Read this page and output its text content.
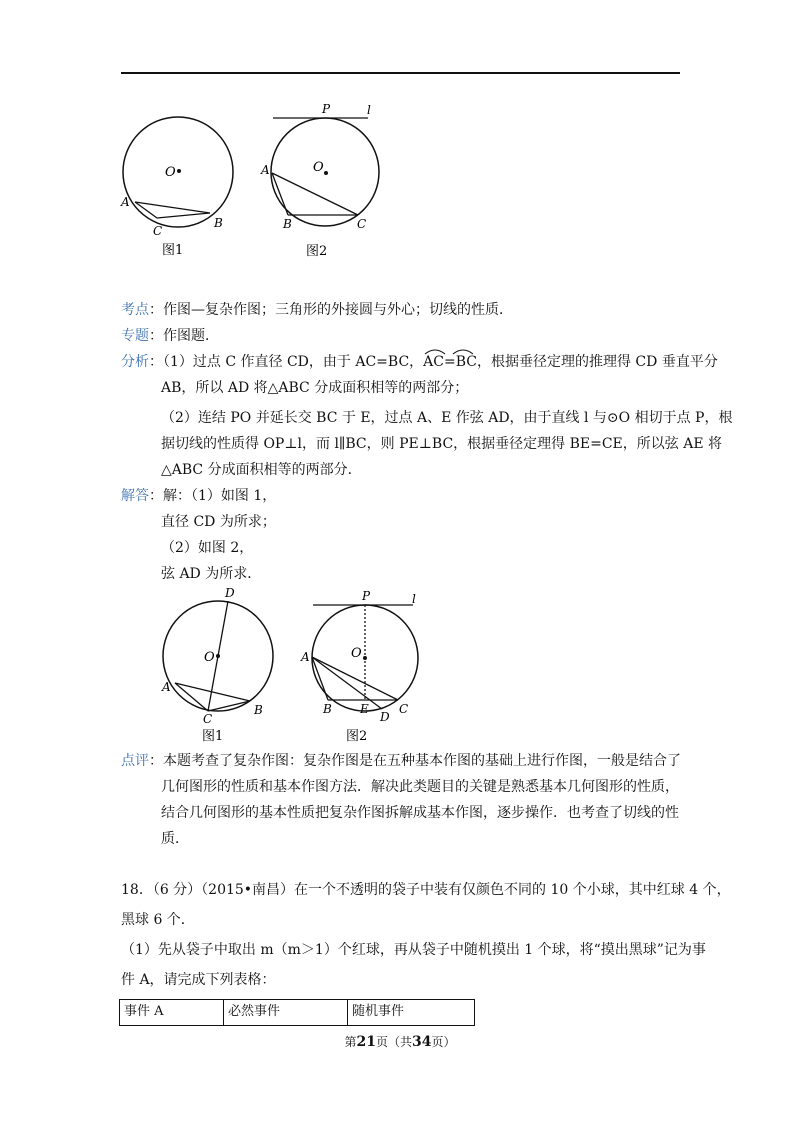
O
A
B
C
图1
P	l
O
A
B	C
图2
考点：作图—复杂作图；三角形的外接圆与外心；切线的性质．
专题：作图题．
分析：（1）过点 C 作直径 CD，由于 AC=BC，
AC=BC，根据垂径定理的推理得 CD 垂直平分
AB，所以 AD 将△ABC 分成面积相等的两部分；
（2）连结 PO 并延长交 BC 于 E，过点 A、E 作弦 AD，由于直线 l 与⊙O 相切于点 P，根
据切线的性质得 OP⊥l，而 l∥BC，则 PE⊥BC，根据垂径定理得 BE=CE，所以弦 AE 将
△ABC 分成面积相等的两部分．
解答：解：（1）如图 1，
直径 CD 为所求；
（2）如图 2，
弦 AD 为所求．
O
D
A
C
B
图1
P	l
O
A
B E
D
C
图2
点评：本题考查了复杂作图：复杂作图是在五种基本作图的基础上进行作图，一般是结合了
几何图形的性质和基本作图方法．解决此类题目的关键是熟悉基本几何图形的性质，
结合几何图形的基本性质把复杂作图拆解成基本作图，逐步操作．也考查了切线的性
质．
18．（6 分）（2015•南昌）在一个不透明的袋子中装有仅颜色不同的 10 个小球，其中红球 4 个，
黑球 6 个．
（1）先从袋子中取出 m（m＞1）个红球，再从袋子中随机摸出 1 个球，将“摸出黑球”记为事
件 A，请完成下列表格：
事件 A	必然事件	随机事件
第21页（共34页）
